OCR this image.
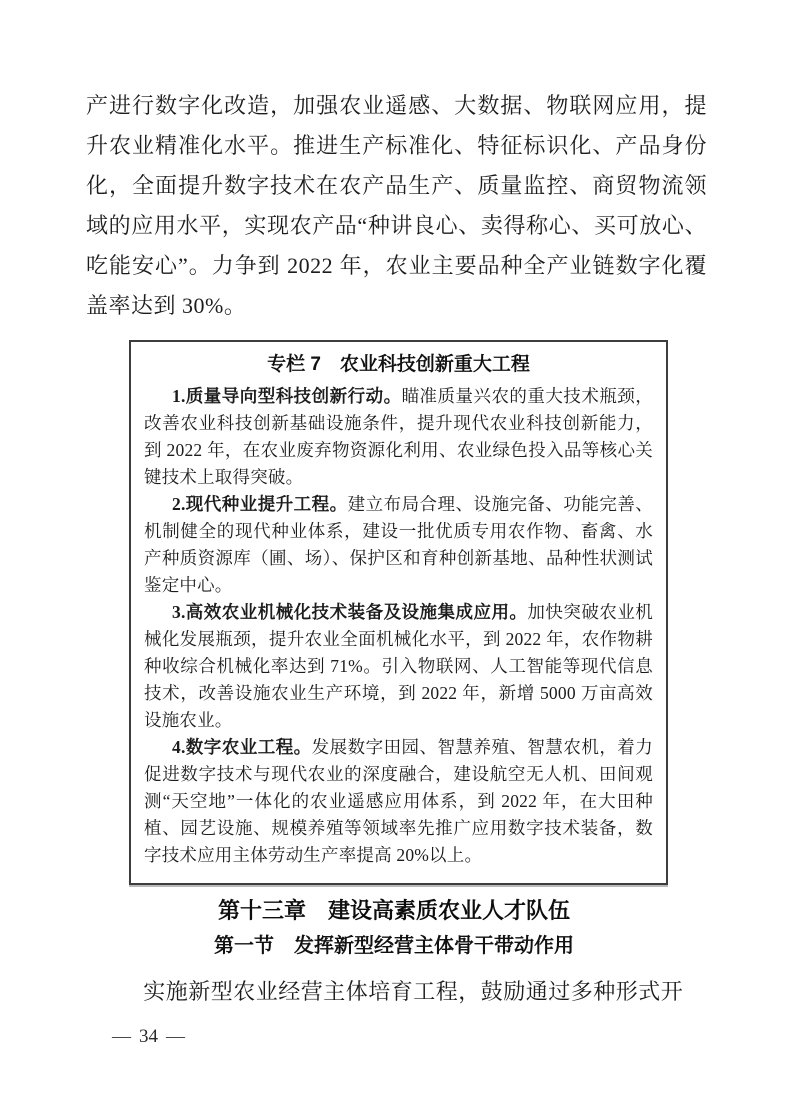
产进行数字化改造，加强农业遥感、大数据、物联网应用，提升农业精准化水平。推进生产标准化、特征标识化、产品身份化，全面提升数字技术在农产品生产、质量监控、商贸物流领域的应用水平，实现农产品“种讲良心、卖得称心、买可放心、吃能安心”。力争到 2022 年，农业主要品种全产业链数字化覆盖率达到 30%。

专栏 7　农业科技创新重大工程

1.质量导向型科技创新行动。瞄准质量兴农的重大技术瓶颈，改善农业科技创新基础设施条件，提升现代农业科技创新能力，到 2022 年，在农业废弃物资源化利用、农业绿色投入品等核心关键技术上取得突破。

2.现代种业提升工程。建立布局合理、设施完备、功能完善、机制健全的现代种业体系，建设一批优质专用农作物、畜禽、水产种质资源库（圃、场）、保护区和育种创新基地、品种性状测试鉴定中心。

3.高效农业机械化技术装备及设施集成应用。加快突破农业机械化发展瓶颈，提升农业全面机械化水平，到 2022 年，农作物耕种收综合机械化率达到 71%。引入物联网、人工智能等现代信息技术，改善设施农业生产环境，到 2022 年，新增 5000 万亩高效设施农业。

4.数字农业工程。发展数字田园、智慧养殖、智慧农机，着力促进数字技术与现代农业的深度融合，建设航空无人机、田间观测“天空地”一体化的农业遥感应用体系，到 2022 年，在大田种植、园艺设施、规模养殖等领域率先推广应用数字技术装备，数字技术应用主体劳动生产率提高 20%以上。

第十三章　建设高素质农业人才队伍
第一节　发挥新型经营主体骨干带动作用

实施新型农业经营主体培育工程，鼓励通过多种形式开

— 34 —
